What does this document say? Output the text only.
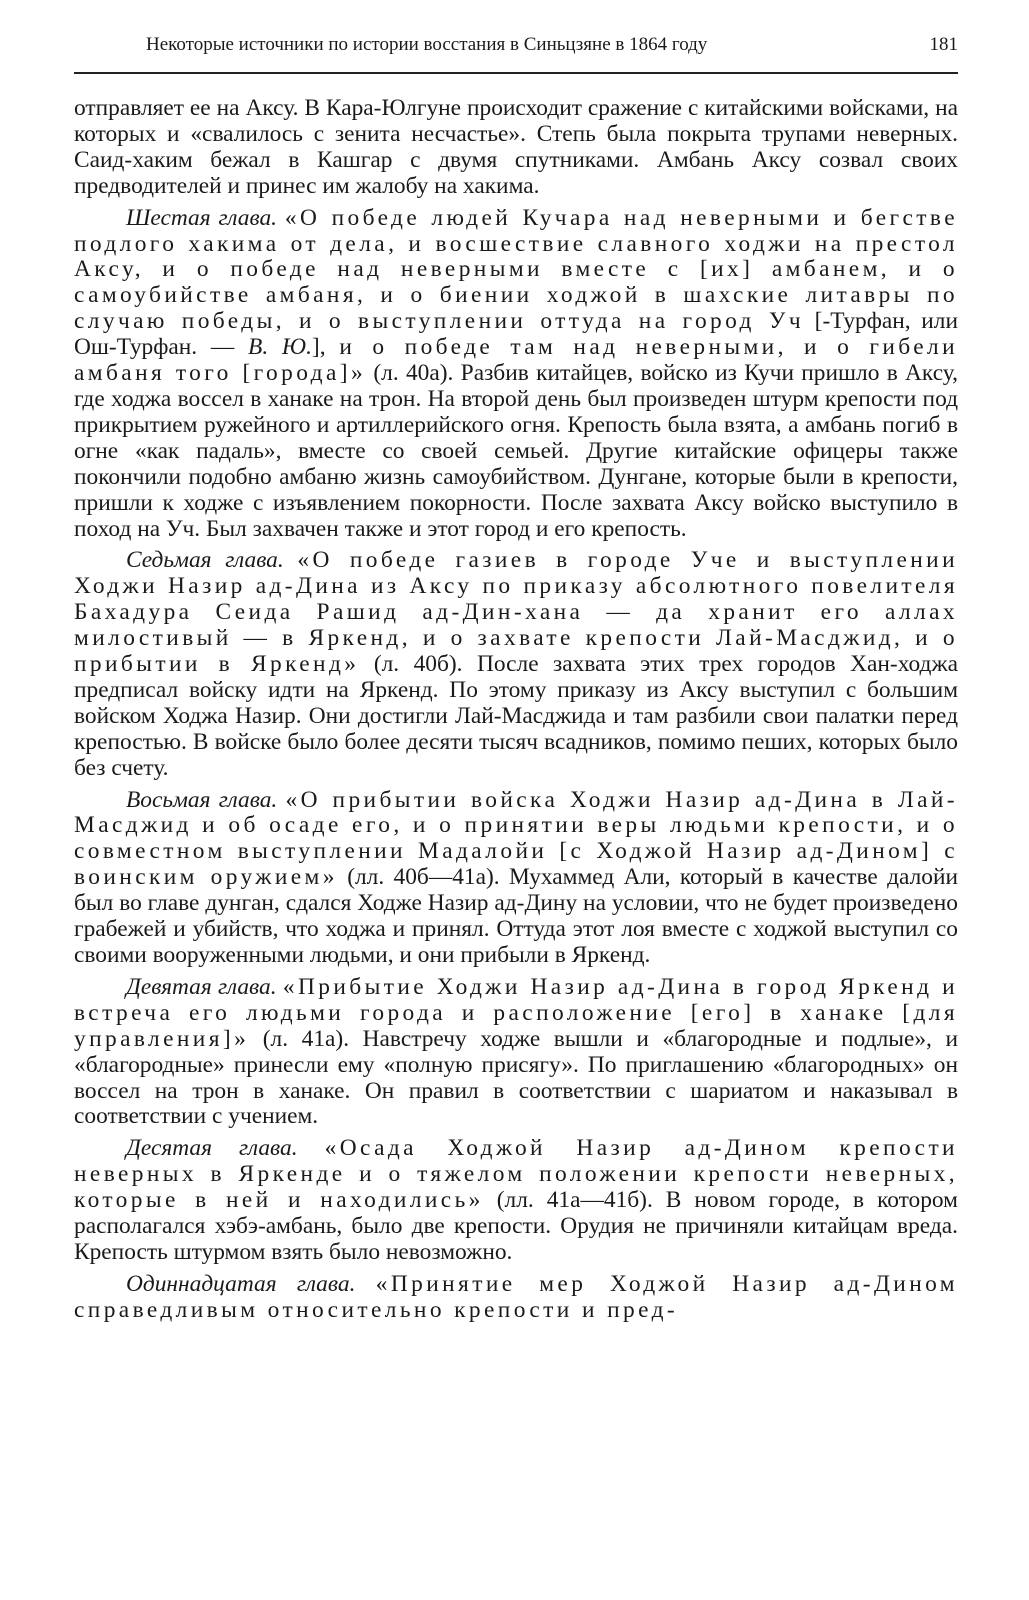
Некоторые источники по истории восстания в Синьцзяне в 1864 году	181

отправляет ее на Аксу. В Кара-Юлгуне происходит сражение с китайскими войсками, на которых и «свалилось с зенита несчастье». Степь была покрыта трупами неверных. Саид-хаким бежал в Кашгар с двумя спутниками. Амбань Аксу созвал своих предводителей и принес им жалобу на хакима.

Шестая глава. «О победе людей Кучара над неверными и бегстве подлого хакима от дела, и восшествие славного ходжи на престол Аксу, и о победе над неверными вместе с [их] амбанем, и о самоубийстве амбаня, и о биении ходжой в шахские литавры по случаю победы, и о выступлении оттуда на город Уч [-Турфан, или Ош-Турфан. — В. Ю.], и о победе там над неверными, и о гибели амбаня того [города]» (л. 40а). Разбив китайцев, войско из Кучи пришло в Аксу, где ходжа воссел в ханаке на трон. На второй день был произведен штурм крепости под прикрытием ружейного и артиллерийского огня. Крепость была взята, а амбань погиб в огне «как падаль», вместе со своей семьей. Другие китайские офицеры также покончили подобно амбаню жизнь самоубийством. Дунгане, которые были в крепости, пришли к ходже с изъявлением покорности. После захвата Аксу войско выступило в поход на Уч. Был захвачен также и этот город и его крепость.

Седьмая глава. «О победе газиев в городе Уче и выступлении Ходжи Назир ад-Дина из Аксу по приказу абсолютного повелителя Бахадура Сеида Рашид ад-Дин-хана — да хранит его аллах милостивый — в Яркенд, и о захвате крепости Лай-Масджид, и о прибытии в Яркенд» (л. 40б). После захвата этих трех городов Хан-ходжа предписал войску идти на Яркенд. По этому приказу из Аксу выступил с большим войском Ходжа Назир. Они достигли Лай-Масджида и там разбили свои палатки перед крепостью. В войске было более десяти тысяч всадников, помимо пеших, которых было без счету.

Восьмая глава. «О прибытии войска Ходжи Назир ад-Дина в Лай-Масджид и об осаде его, и о принятии веры людьми крепости, и о совместном выступлении Мадалойи [с Ходжой Назир ад-Дином] с воинским оружием» (лл. 40б—41а). Мухаммед Али, который в качестве далойи был во главе дунган, сдался Ходже Назир ад-Дину на условии, что не будет произведено грабежей и убийств, что ходжа и принял. Оттуда этот лоя вместе с ходжой выступил со своими вооруженными людьми, и они прибыли в Яркенд.

Девятая глава. «Прибытие Ходжи Назир ад-Дина в город Яркенд и встреча его людьми города и расположение [его] в ханаке [для управления]» (л. 41а). Навстречу ходже вышли и «благородные и подлые», и «благородные» принесли ему «полную присягу». По приглашению «благородных» он воссел на трон в ханаке. Он правил в соответствии с шариатом и наказывал в соответствии с учением.

Десятая глава. «Осада Ходжой Назир ад-Дином крепости неверных в Яркенде и о тяжелом положении крепости неверных, которые в ней и находились» (лл. 41а—41б). В новом городе, в котором располагался хэбэ-амбань, было две крепости. Орудия не причиняли китайцам вреда. Крепость штурмом взять было невозможно.

Одиннадцатая глава. «Принятие мер Ходжой Назир ад-Дином справедливым относительно крепости и пред-
